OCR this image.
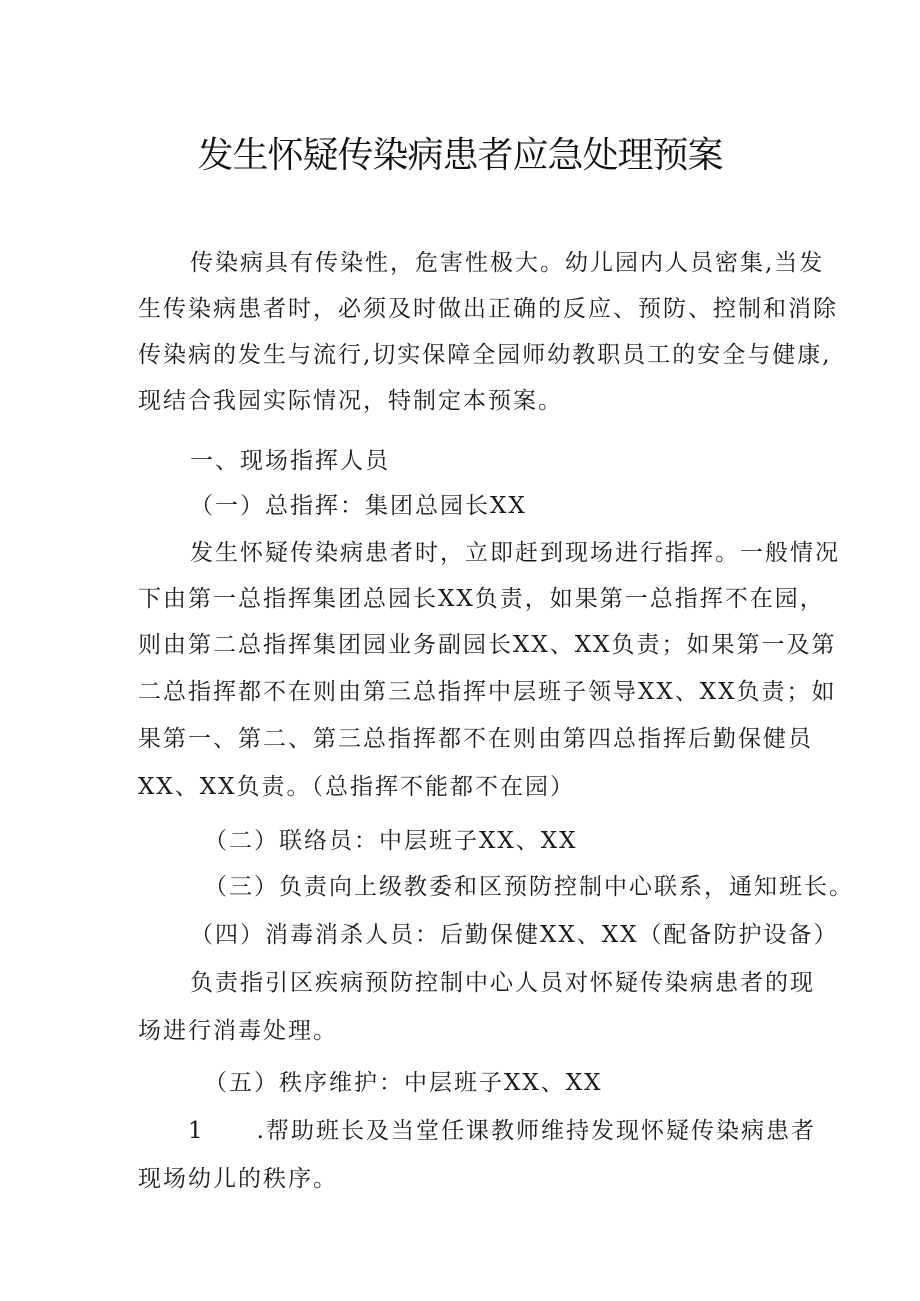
发生怀疑传染病患者应急处理预案
传染病具有传染性，危害性极大。幼儿园内人员密集,当发
生传染病患者时，必须及时做出正确的反应、预防、控制和消除
传染病的发生与流行,切实保障全园师幼教职员工的安全与健康,
现结合我园实际情况，特制定本预案。
一、现场指挥人员
（一）总指挥：集团总园长XX
发生怀疑传染病患者时，立即赶到现场进行指挥。一般情况
下由第一总指挥集团总园长XX负责，如果第一总指挥不在园，
则由第二总指挥集团园业务副园长XX、XX负责；如果第一及第
二总指挥都不在则由第三总指挥中层班子领导XX、XX负责；如
果第一、第二、第三总指挥都不在则由第四总指挥后勤保健员
XX、XX负责。（总指挥不能都不在园）
（二）联络员：中层班子XX、XX
（三）负责向上级教委和区预防控制中心联系，通知班长。
（四）消毒消杀人员：后勤保健XX、XX（配备防护设备）
负责指引区疾病预防控制中心人员对怀疑传染病患者的现
场进行消毒处理。
（五）秩序维护：中层班子XX、XX
1 .帮助班长及当堂任课教师维持发现怀疑传染病患者
现场幼儿的秩序。
